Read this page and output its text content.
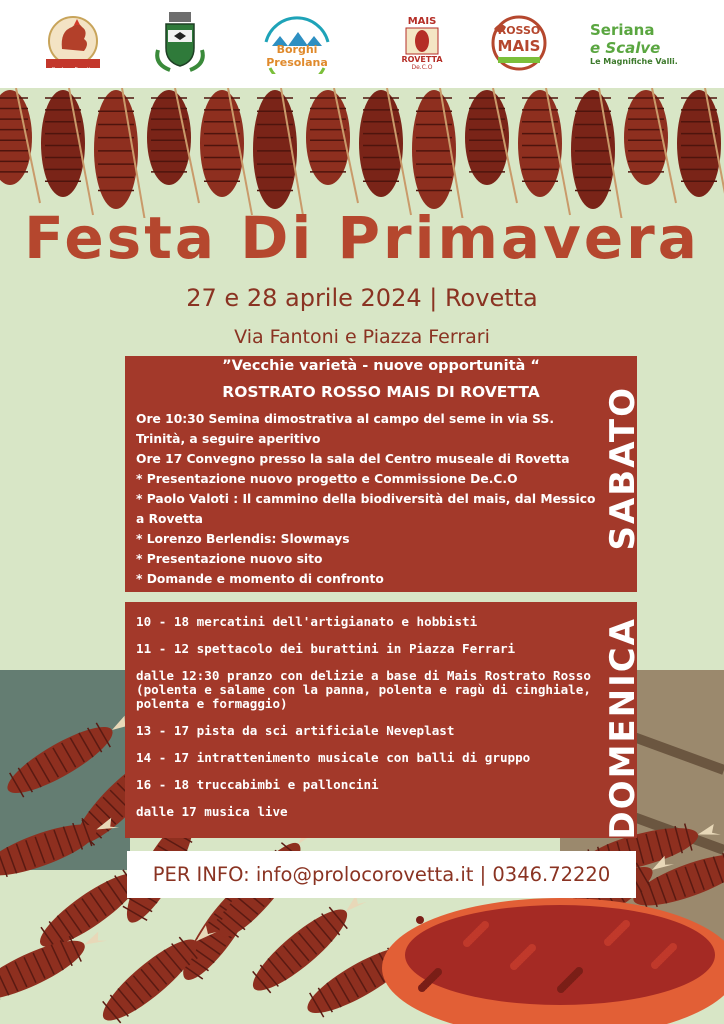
Pro Loco Rovetta
Borghi Presolana
MAIS
ROVETTA
De.C.O
ROSSO
MAIS
Seriana
e Scalve
Le Magnifiche Valli.
Festa Di Primavera
27 e 28 aprile 2024 | Rovetta
Via Fantoni e Piazza Ferrari
”Vecchie varietà - nuove opportunità “
ROSTRATO ROSSO MAIS DI ROVETTA
Ore 10:30 Semina dimostrativa al campo del seme in via SS. Trinità, a seguire aperitivo
Ore 17 Convegno presso la sala del Centro museale di Rovetta
* Presentazione nuovo progetto e Commissione De.C.O
* Paolo Valoti : Il cammino della biodiversità del mais, dal Messico a Rovetta
* Lorenzo Berlendis: Slowmays
* Presentazione nuovo sito
* Domande e momento di confronto
SABATO
10 - 18 mercatini dell'artigianato e hobbisti
11 - 12 spettacolo dei burattini in Piazza Ferrari
dalle 12:30 pranzo con delizie a base di Mais Rostrato Rosso (polenta e salame con la panna, polenta e ragù di cinghiale, polenta e formaggio)
13 - 17 pista da sci artificiale Neveplast
14 - 17 intrattenimento musicale con balli di gruppo
16 - 18 truccabimbi e palloncini
dalle 17 musica live	DOMENICA
PER INFO: info@prolocorovetta.it | 0346.72220
